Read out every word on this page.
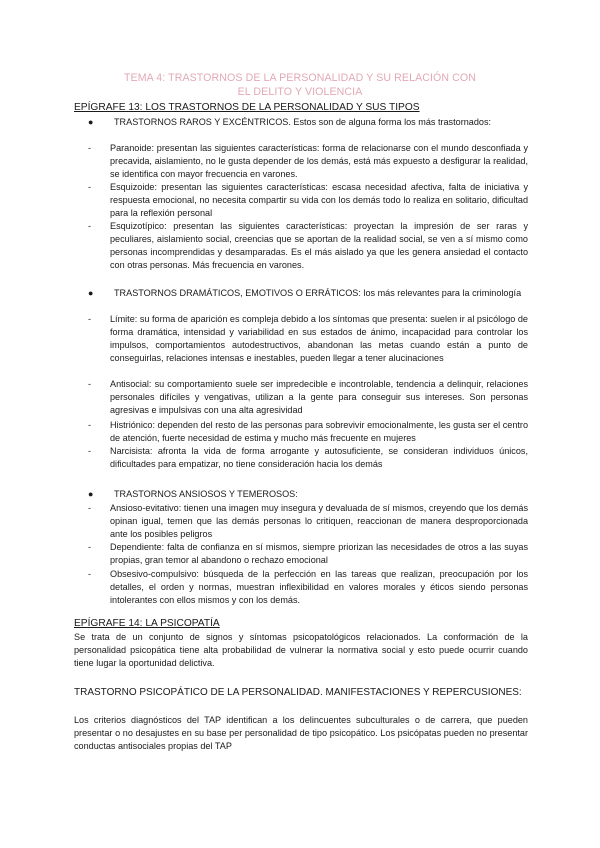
TEMA 4: TRASTORNOS DE LA PERSONALIDAD Y SU RELACIÓN CON
EL DELITO Y VIOLENCIA
EPÍGRAFE 13: LOS TRASTORNOS DE LA PERSONALIDAD Y SUS TIPOS
●	TRASTORNOS RAROS Y EXCÉNTRICOS. Estos son de alguna forma los más trastornados:
-	Paranoide: presentan las siguientes características: forma de relacionarse con el mundo desconfiada y precavida, aislamiento, no le gusta depender de los demás, está más expuesto a desfigurar la realidad, se identifica con mayor frecuencia en varones.
-	Esquizoide: presentan las siguientes características: escasa necesidad afectiva, falta de iniciativa y respuesta emocional, no necesita compartir su vida con los demás todo lo realiza en solitario, dificultad para la reflexión personal
-	Esquizotípico: presentan las siguientes características: proyectan la impresión de ser raras y peculiares, aislamiento social, creencias que se aportan de la realidad social, se ven a sí mismo como personas incomprendidas y desamparadas. Es el más aislado ya que les genera ansiedad el contacto con otras personas. Más frecuencia en varones.
●	TRASTORNOS DRAMÁTICOS, EMOTIVOS O ERRÁTICOS: los más relevantes para la criminología
-	Límite: su forma de aparición es compleja debido a los síntomas que presenta: suelen ir al psicólogo de forma dramática, intensidad y variabilidad en sus estados de ánimo, incapacidad para controlar los impulsos, comportamientos autodestructivos, abandonan las metas cuando están a punto de conseguirlas, relaciones intensas e inestables, pueden llegar a tener alucinaciones
-	Antisocial: su comportamiento suele ser impredecible e incontrolable, tendencia a delinquir, relaciones personales difíciles y vengativas, utilizan a la gente para conseguir sus intereses. Son personas agresivas e impulsivas con una alta agresividad
-	Histriónico: dependen del resto de las personas para sobrevivir emocionalmente, les gusta ser el centro de atención, fuerte necesidad de estima y mucho más frecuente en mujeres
-	Narcisista: afronta la vida de forma arrogante y autosuficiente, se consideran individuos únicos, dificultades para empatizar, no tiene consideración hacia los demás
●	TRASTORNOS ANSIOSOS Y TEMEROSOS:
-	Ansioso-evitativo: tienen una imagen muy insegura y devaluada de sí mismos, creyendo que los demás opinan igual, temen que las demás personas lo critiquen, reaccionan de manera desproporcionada ante los posibles peligros
-	Dependiente: falta de confianza en sí mismos, siempre priorizan las necesidades de otros a las suyas propias, gran temor al abandono o rechazo emocional
-	Obsesivo-compulsivo: búsqueda de la perfección en las tareas que realizan, preocupación por los detalles, el orden y normas, muestran inflexibilidad en valores morales y éticos siendo personas intolerantes con ellos mismos y con los demás.
EPÍGRAFE 14: LA PSICOPATÍA
Se trata de un conjunto de signos y síntomas psicopatológicos relacionados. La conformación de la personalidad psicopática tiene alta probabilidad de vulnerar la normativa social y esto puede ocurrir cuando tiene lugar la oportunidad delictiva.
TRASTORNO PSICOPÁTICO DE LA PERSONALIDAD. MANIFESTACIONES Y REPERCUSIONES:
Los criterios diagnósticos del TAP identifican a los delincuentes subculturales o de carrera, que pueden presentar o no desajustes en su base per personalidad de tipo psicopático. Los psicópatas pueden no presentar conductas antisociales propias del TAP
